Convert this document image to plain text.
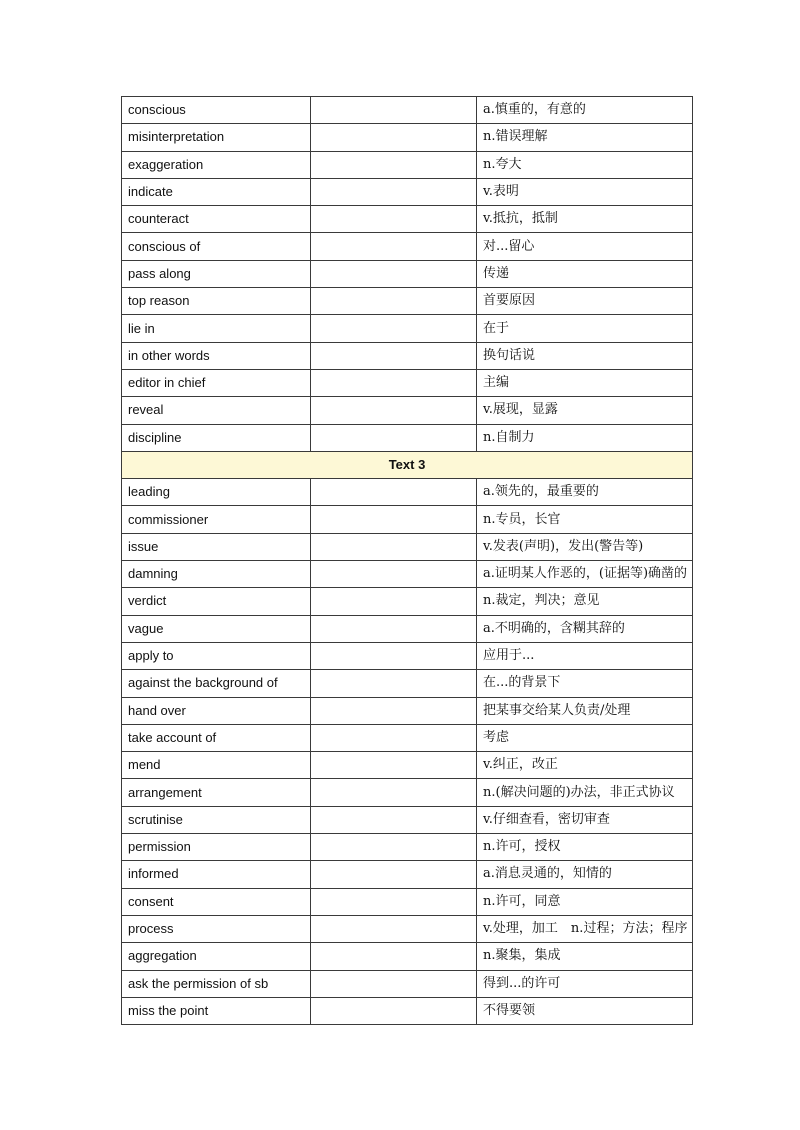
conscious		a.慎重的，有意的
misinterpretation		n.错误理解
exaggeration		n.夸大
indicate		v.表明
counteract		v.抵抗，抵制
conscious of		对...留心
pass along		传递
top reason		首要原因
lie in		在于
in other words		换句话说
editor in chief		主编
reveal		v.展现，显露
discipline		n.自制力
Text 3		
leading		a.领先的，最重要的
commissioner		n.专员，长官
issue		v.发表(声明)，发出(警告等)
damning		a.证明某人作恶的，(证据等)确凿的
verdict		n.裁定，判决；意见
vague		a.不明确的，含糊其辞的
apply to		应用于...
against the background of		在...的背景下
hand over		把某事交给某人负责/处理
take account of		考虑
mend		v.纠正，改正
arrangement		n.(解决问题的)办法，非正式协议
scrutinise		v.仔细查看，密切审查
permission		n.许可，授权
informed		a.消息灵通的，知情的
consent		n.许可，同意
process		v.处理，加工　n.过程；方法；程序
aggregation		n.聚集，集成
ask the permission of sb		得到...的许可
miss the point		不得要领
